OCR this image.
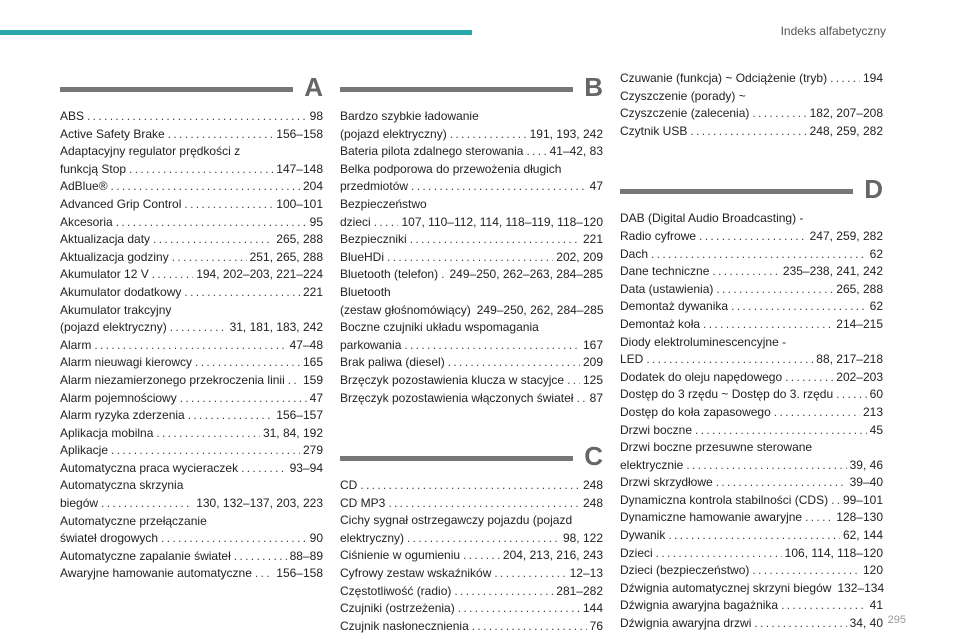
Indeks alfabetyczny
A
ABS . . .	98
Active Safety Brake . . .	156–158
Adaptacyjny regulator prędkości z
funkcją Stop . . .	147–148
AdBlue® . . .	204
Advanced Grip Control . . .	100–101
Akcesoria . . .	95
Aktualizacja daty . . .	265, 288
Aktualizacja godziny . . .	251, 265, 288
Akumulator 12 V . . .	194, 202–203, 221–224
Akumulator dodatkowy . . .	221
Akumulator trakcyjny
(pojazd elektryczny) . . .	31, 181, 183, 242
Alarm . . .	47–48
Alarm nieuwagi kierowcy . . .	165
Alarm niezamierzonego przekroczenia linii . . . 159
Alarm pojemnościowy . . .	47
Alarm ryzyka zderzenia . . .	156–157
Aplikacja mobilna . . .	31, 84, 192
Aplikacje . . .	279
Automatyczna praca wycieraczek . . .	93–94
Automatyczna skrzynia
biegów . . .	130, 132–137, 203, 223
Automatyczne przełączanie
świateł drogowych . . .	90
Automatyczne zapalanie świateł . . .	88–89
Awaryjne hamowanie automatyczne . . . 156–158
B
Bardzo szybkie ładowanie
(pojazd elektryczny) . . .	191, 193, 242
Bateria pilota zdalnego sterowania . . . 41–42, 83
Belka podporowa do przewożenia długich
przedmiotów . . .	47
Bezpieczeństwo
dzieci . . .	107, 110–112, 114, 118–119, 118–120
Bezpieczniki . . .	221
BlueHDi . . .	202, 209
Bluetooth (telefon) . . . 249–250, 262–263, 284–285
Bluetooth
(zestaw głośnomówiący) 249–250, 262, 284–285
Boczne czujniki układu wspomagania
parkowania . . .	167
Brak paliwa (diesel) . . .	209
Brzęczyk pozostawienia klucza w stacyjce . . . 125
Brzęczyk pozostawienia włączonych świateł . . . 87
C
CD . . .	248
CD MP3 . . .	248
Cichy sygnał ostrzegawczy pojazdu (pojazd
elektryczny) . . .	98, 122
Ciśnienie w ogumieniu . . .	204, 213, 216, 243
Cyfrowy zestaw wskaźników . . .	12–13
Częstotliwość (radio) . . .	281–282
Czujniki (ostrzeżenia) . . .	144
Czujnik nasłonecznienia . . .	76
Czuwanie (funkcja) ~ Odciążenie (tryb) . . .	194
Czyszczenie (porady) ~
Czyszczenie (zalecenia) . . .	182, 207–208
Czytnik USB . . .	248, 259, 282
D
DAB (Digital Audio Broadcasting) -
Radio cyfrowe . . .	247, 259, 282
Dach . . .	62
Dane techniczne . . .	235–238, 241, 242
Data (ustawienia) . . .	265, 288
Demontaż dywanika . . .	62
Demontaż koła . . .	214–215
Diody elektroluminescencyjne -
LED . . .	88, 217–218
Dodatek do oleju napędowego . . .	202–203
Dostęp do 3 rzędu ~ Dostęp do 3. rzędu . . .	60
Dostęp do koła zapasowego . . .	213
Drzwi boczne . . .	45
Drzwi boczne przesuwne sterowane
elektrycznie . . .	39, 46
Drzwi skrzydłowe . . .	39–40
Dynamiczna kontrola stabilności (CDS) . . . 99–101
Dynamiczne hamowanie awaryjne . . .	128–130
Dywanik . . .	62, 144
Dzieci . . .	106, 114, 118–120
Dzieci (bezpieczeństwo) . . .	120
Dźwignia automatycznej skrzyni biegów 132–134
Dźwignia awaryjna bagażnika . . .	41
Dźwignia awaryjna drzwi . . .	34, 40 295
